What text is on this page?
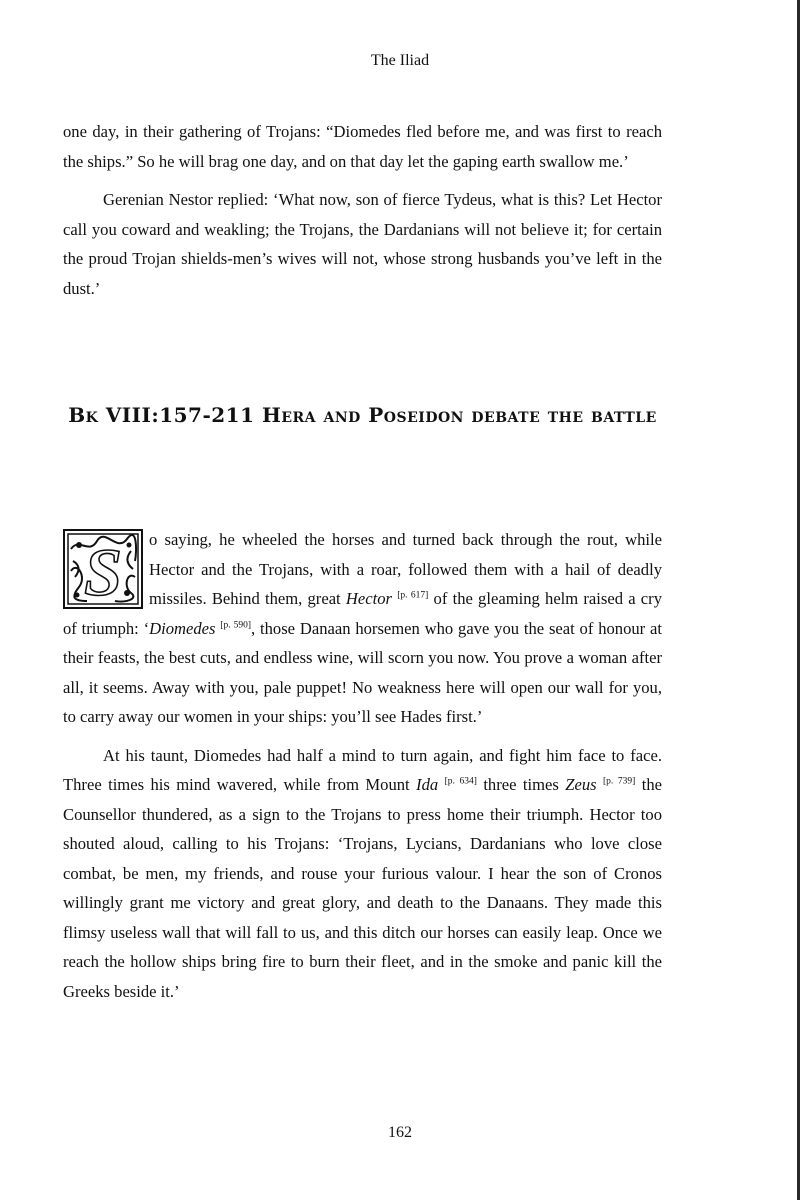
The Iliad

one day, in their gathering of Trojans: “Diomedes fled before me, and was first to reach the ships.” So he will brag one day, and on that day let the gaping earth swallow me.’

Gerenian Nestor replied: ‘What now, son of fierce Tydeus, what is this? Let Hector call you coward and weakling; the Trojans, the Dardanians will not believe it; for certain the proud Trojan shields-men’s wives will not, whose strong husbands you’ve left in the dust.’

Bk VIII:157-211 Hera and Poseidon debate the battle

S o saying, he wheeled the horses and turned back through the rout, while Hector and the Trojans, with a roar, followed them with a hail of deadly missiles. Behind them, great Hector [p. 617] of the gleaming helm raised a cry of triumph: ‘Diomedes [p. 590], those Danaan horsemen who gave you the seat of honour at their feasts, the best cuts, and endless wine, will scorn you now. You prove a woman after all, it seems. Away with you, pale puppet! No weakness here will open our wall for you, to carry away our women in your ships: you’ll see Hades first.’

At his taunt, Diomedes had half a mind to turn again, and fight him face to face. Three times his mind wavered, while from Mount Ida [p. 634] three times Zeus [p. 739] the Counsellor thundered, as a sign to the Trojans to press home their triumph. Hector too shouted aloud, calling to his Trojans: ‘Trojans, Lycians, Dardanians who love close combat, be men, my friends, and rouse your furious valour. I hear the son of Cronos willingly grant me victory and great glory, and death to the Danaans. They made this flimsy useless wall that will fall to us, and this ditch our horses can easily leap. Once we reach the hollow ships bring fire to burn their fleet, and in the smoke and panic kill the Greeks beside it.’

162
